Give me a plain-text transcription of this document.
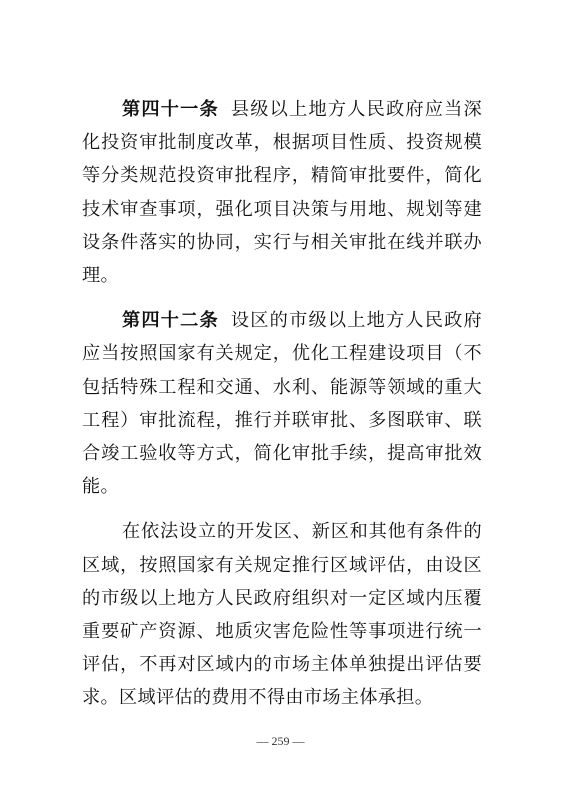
第四十一条 县级以上地方人民政府应当深化投资审批制度改革，根据项目性质、投资规模等分类规范投资审批程序，精简审批要件，简化技术审查事项，强化项目决策与用地、规划等建设条件落实的协同，实行与相关审批在线并联办理。

第四十二条 设区的市级以上地方人民政府应当按照国家有关规定，优化工程建设项目（不包括特殊工程和交通、水利、能源等领域的重大工程）审批流程，推行并联审批、多图联审、联合竣工验收等方式，简化审批手续，提高审批效能。

在依法设立的开发区、新区和其他有条件的区域，按照国家有关规定推行区域评估，由设区的市级以上地方人民政府组织对一定区域内压覆重要矿产资源、地质灾害危险性等事项进行统一评估，不再对区域内的市场主体单独提出评估要求。区域评估的费用不得由市场主体承担。

— 259 —
